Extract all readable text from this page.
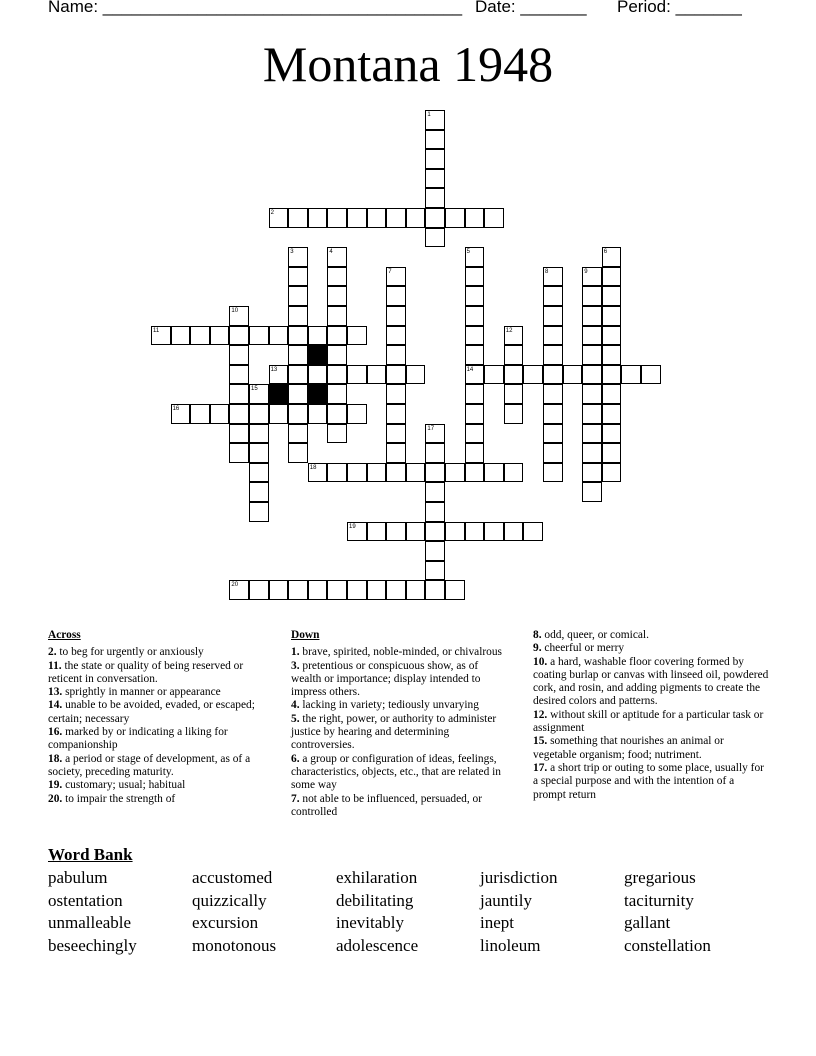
Name: ______________________________________ Date: _______ Period: _______
Montana 1948
1
2
3	4	5
14
6
7	8	9
10
11	12
13
15
16
17
18
19
20
Across
2. to beg for urgently or anxiously
11. the state or quality of being reserved or reticent in conversation.
13. sprightly in manner or appearance
14. unable to be avoided, evaded, or escaped; certain; necessary
16. marked by or indicating a liking for companionship
18. a period or stage of development, as of a society, preceding maturity.
19. customary; usual; habitual
20. to impair the strength of
Down
1. brave, spirited, noble-minded, or chivalrous
3. pretentious or conspicuous show, as of wealth or importance; display intended to impress others.
4. lacking in variety; tediously unvarying
5. the right, power, or authority to administer justice by hearing and determining controversies.
6. a group or configuration of ideas, feelings, characteristics, objects, etc., that are related in some way
7. not able to be influenced, persuaded, or controlled
8. odd, queer, or comical.
9. cheerful or merry
10. a hard, washable floor covering formed by coating burlap or canvas with linseed oil, powdered cork, and rosin, and adding pigments to create the desired colors and patterns.
12. without skill or aptitude for a particular task or assignment
15. something that nourishes an animal or vegetable organism; food; nutriment.
17. a short trip or outing to some place, usually for a special purpose and with the intention of a prompt return
Word Bank
pabulum	accustomed	exhilaration	jurisdiction	gregarious
ostentation	quizzically	debilitating	jauntily	taciturnity
unmalleable	excursion	inevitably	inept	gallant
beseechingly	monotonous	adolescence	linoleum	constellation
